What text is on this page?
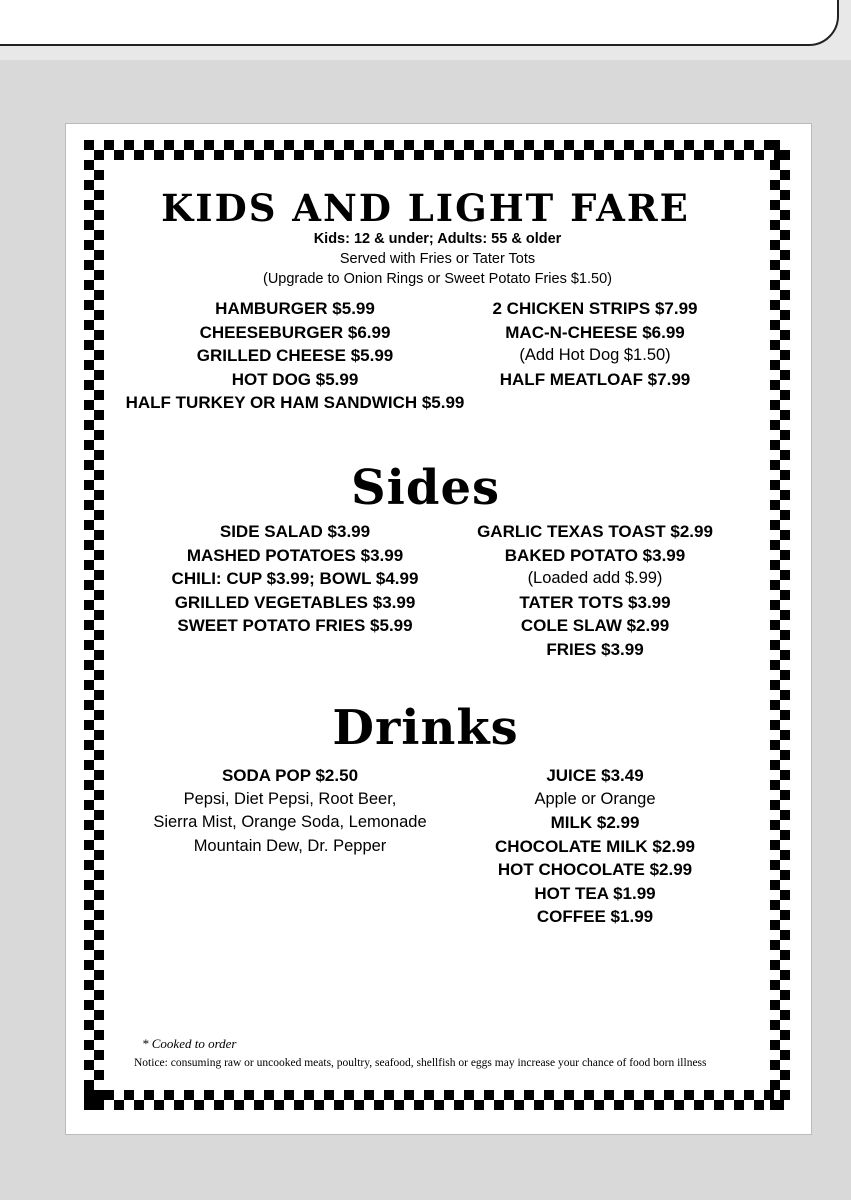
KIDS AND LIGHT FARE
Kids: 12 & under; Adults: 55 & older
Served with Fries or Tater Tots
(Upgrade to Onion Rings or Sweet Potato Fries $1.50)
HAMBURGER $5.99
CHEESEBURGER $6.99
GRILLED CHEESE $5.99
HOT DOG $5.99
HALF TURKEY OR HAM SANDWICH $5.99
2 CHICKEN STRIPS $7.99
MAC-N-CHEESE $6.99
(Add Hot Dog $1.50)
HALF MEATLOAF $7.99
Sides
SIDE SALAD $3.99
MASHED POTATOES $3.99
CHILI: CUP $3.99; BOWL $4.99
GRILLED VEGETABLES $3.99
SWEET POTATO FRIES $5.99
GARLIC TEXAS TOAST $2.99
BAKED POTATO $3.99
(Loaded add $.99)
TATER TOTS $3.99
COLE SLAW $2.99
FRIES $3.99
Drinks
SODA POP $2.50
Pepsi, Diet Pepsi, Root Beer,
Sierra Mist, Orange Soda, Lemonade
Mountain Dew, Dr. Pepper
JUICE $3.49
Apple or Orange
MILK $2.99
CHOCOLATE MILK $2.99
HOT CHOCOLATE $2.99
HOT TEA $1.99
COFFEE $1.99
* Cooked to order
Notice: consuming raw or uncooked meats, poultry, seafood, shellfish or eggs may increase your chance of food born illness
